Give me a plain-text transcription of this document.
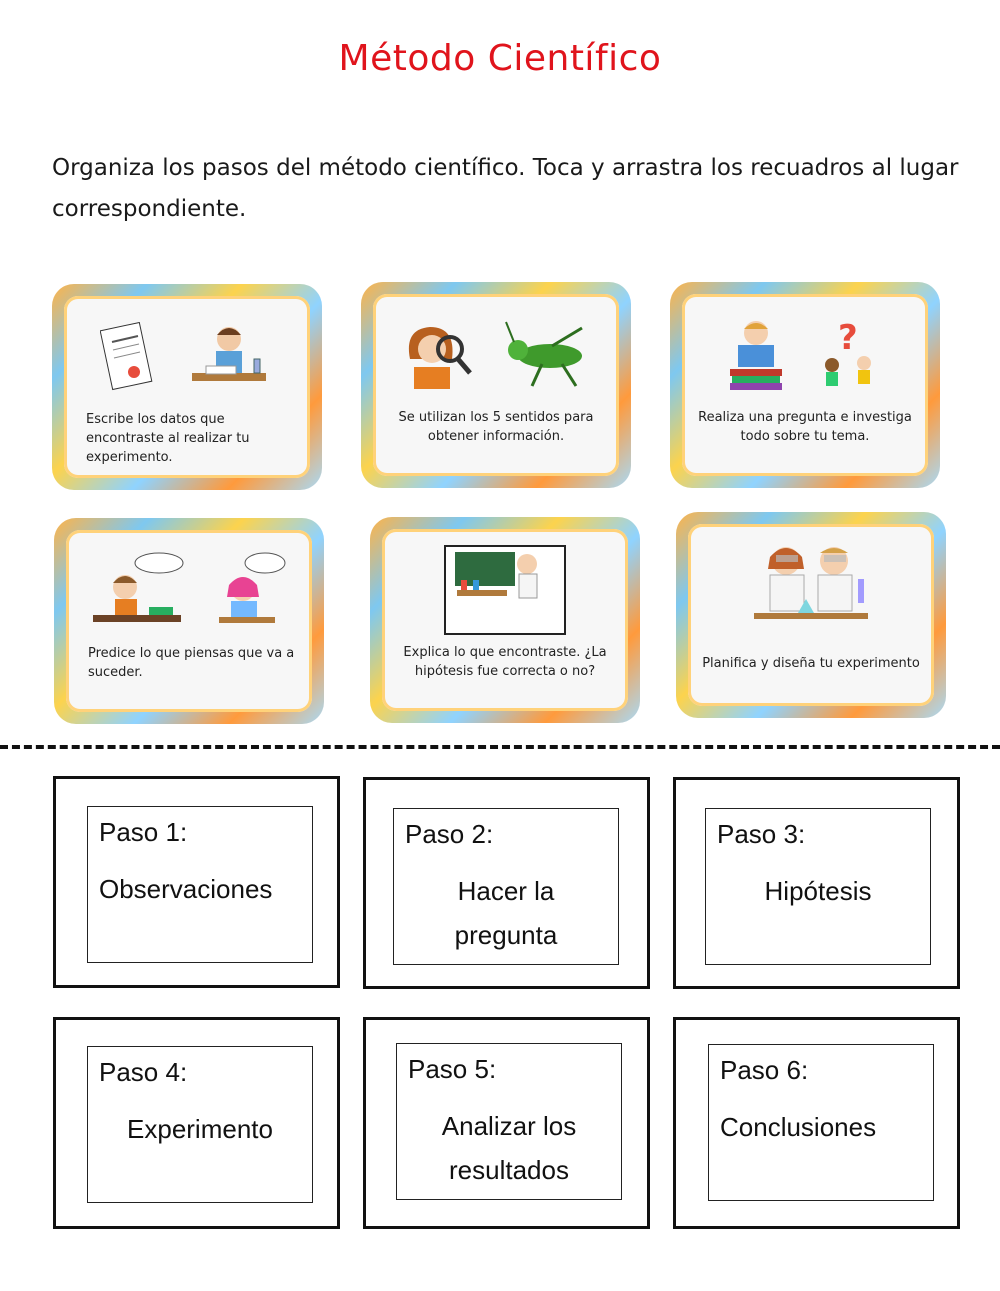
Método Científico
Organiza los pasos del método científico. Toca y arrastra los recuadros al lugar correspondiente.
Escribe los datos que encontraste al realizar tu experimento.
Se utilizan los 5 sentidos para obtener información.
?
Realiza una pregunta e investiga todo sobre tu tema.
Predice lo que piensas que va a suceder.
Explica lo que encontraste. ¿La hipótesis fue correcta o no?
Planifica y diseña tu experimento
Paso 1:
Observaciones
Paso 2:
Hacer la pregunta
Paso 3:
Hipótesis
Paso 4:
Experimento
Paso 5:
Analizar los resultados
Paso 6:
Conclusiones
